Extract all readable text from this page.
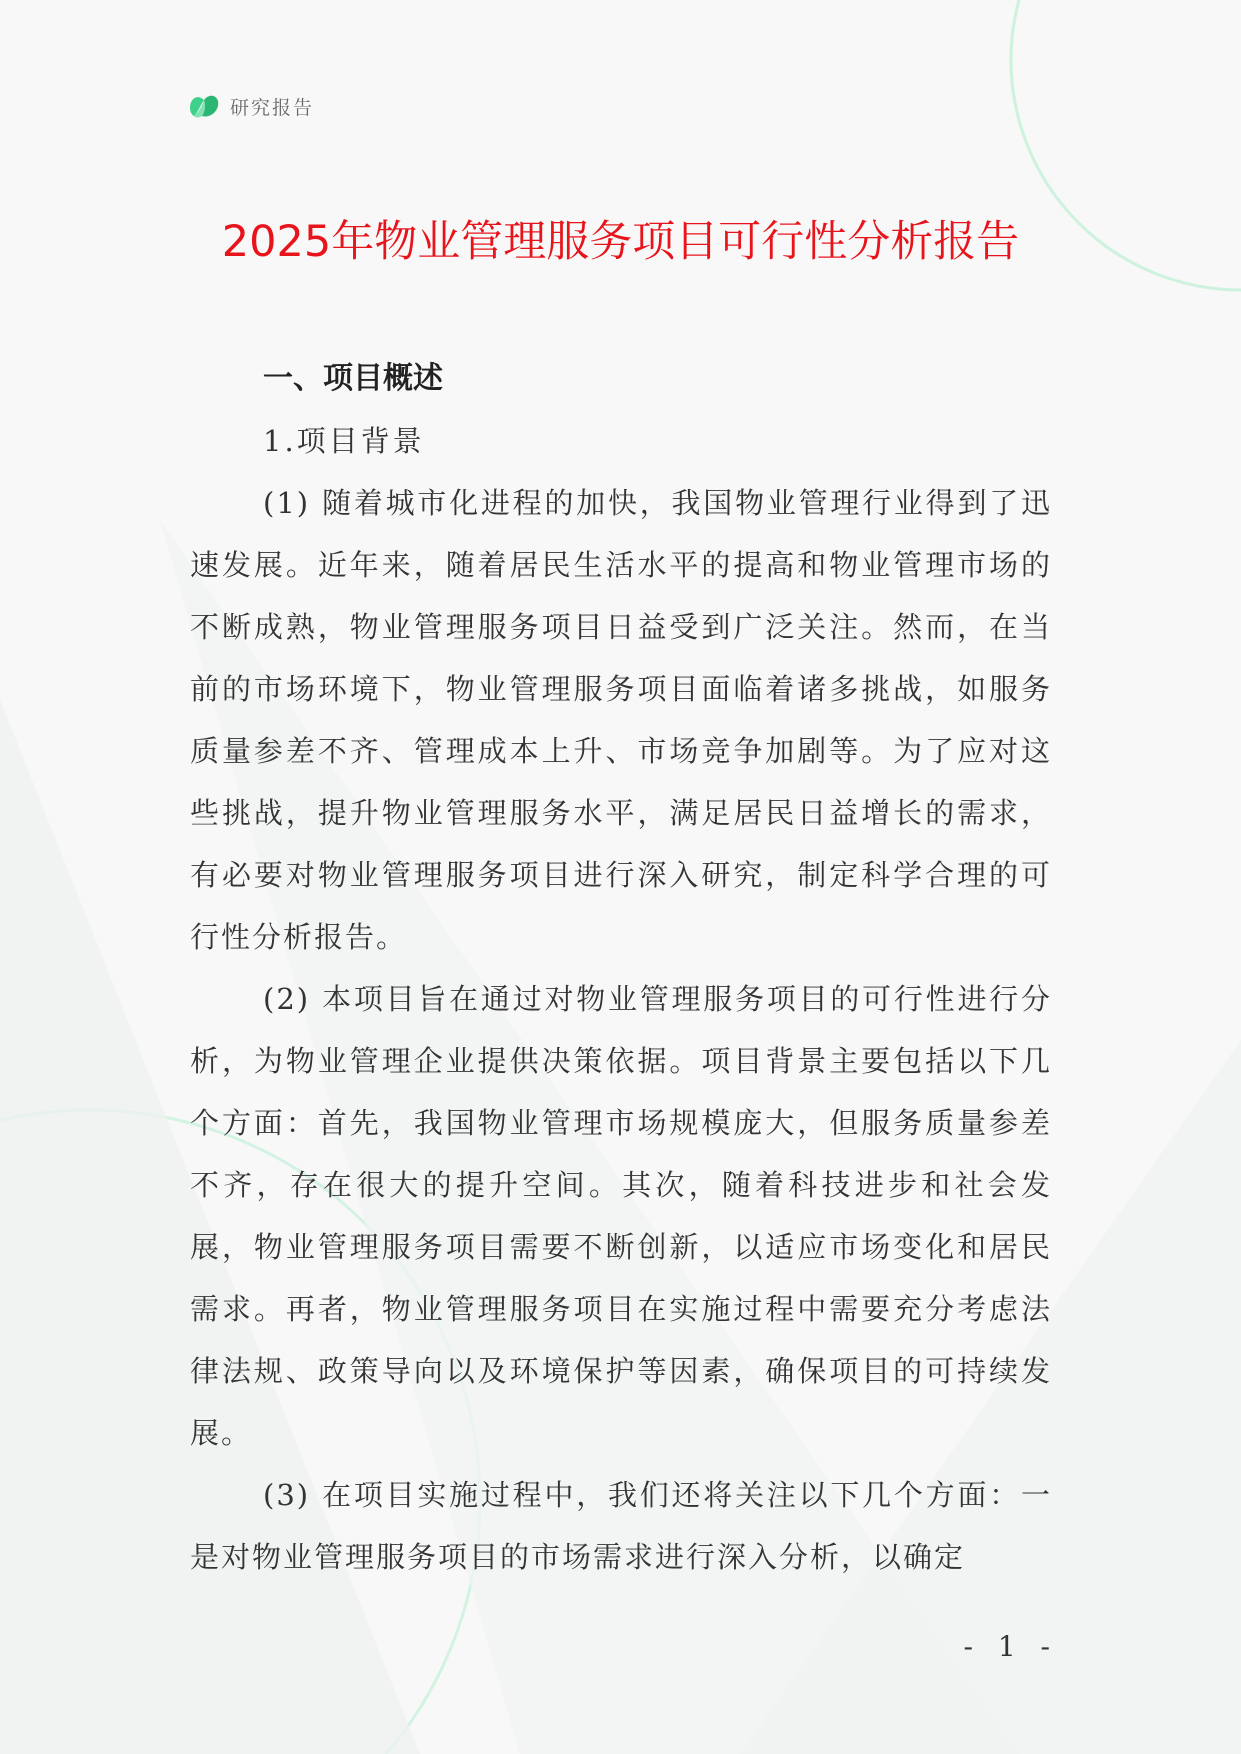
研究报告
2025年物业管理服务项目可行性分析报告

一、项目概述

1.项目背景

(1) 随着城市化进程的加快，我国物业管理行业得到了迅速发展。近年来，随着居民生活水平的提高和物业管理市场的不断成熟，物业管理服务项目日益受到广泛关注。然而，在当前的市场环境下，物业管理服务项目面临着诸多挑战，如服务质量参差不齐、管理成本上升、市场竞争加剧等。为了应对这些挑战，提升物业管理服务水平，满足居民日益增长的需求，有必要对物业管理服务项目进行深入研究，制定科学合理的可行性分析报告。

(2) 本项目旨在通过对物业管理服务项目的可行性进行分析，为物业管理企业提供决策依据。项目背景主要包括以下几个方面：首先，我国物业管理市场规模庞大，但服务质量参差不齐，存在很大的提升空间。其次，随着科技进步和社会发展，物业管理服务项目需要不断创新，以适应市场变化和居民需求。再者，物业管理服务项目在实施过程中需要充分考虑法律法规、政策导向以及环境保护等因素，确保项目的可持续发展。

(3) 在项目实施过程中，我们还将关注以下几个方面：一是对物业管理服务项目的市场需求进行深入分析，以确定

- 1 -
